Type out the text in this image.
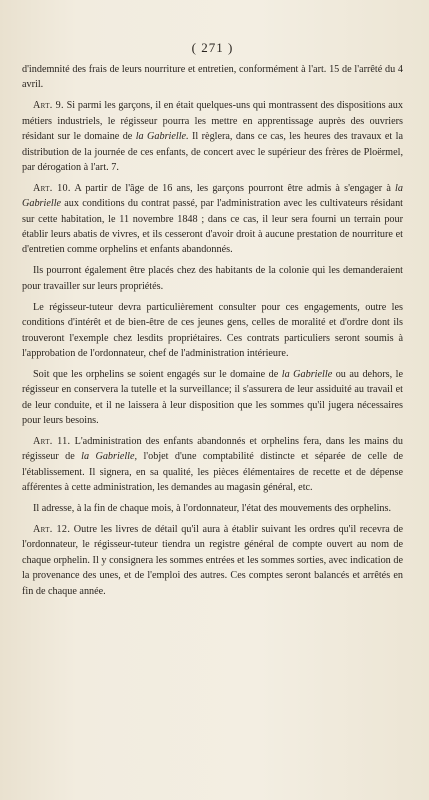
( 271 )

d'indemnité des frais de leurs nourriture et entretien, conformément à l'art. 15 de l'arrêté du 4 avril.

Art. 9. Si parmi les garçons, il en était quelques-uns qui montrassent des dispositions aux métiers industriels, le régisseur pourra les mettre en apprentissage auprès des ouvriers résidant sur le domaine de la Gabrielle. Il règlera, dans ce cas, les heures des travaux et la distribution de la journée de ces enfants, de concert avec le supérieur des frères de Ploërmel, par dérogation à l'art. 7.

Art. 10. A partir de l'âge de 16 ans, les garçons pourront être admis à s'engager à la Gabrielle aux conditions du contrat passé, par l'administration avec les cultivateurs résidant sur cette habitation, le 11 novembre 1848 ; dans ce cas, il leur sera fourni un terrain pour établir leurs abatis de vivres, et ils cesseront d'avoir droit à aucune prestation de nourriture et d'entretien comme orphelins et enfants abandonnés.

Ils pourront également être placés chez des habitants de la colonie qui les demanderaient pour travailler sur leurs propriétés.

Le régisseur-tuteur devra particulièrement consulter pour ces engagements, outre les conditions d'intérêt et de bien-être de ces jeunes gens, celles de moralité et d'ordre dont ils trouveront l'exemple chez lesdits propriétaires. Ces contrats particuliers seront soumis à l'approbation de l'ordonnateur, chef de l'administration intérieure.

Soit que les orphelins se soient engagés sur le domaine de la Gabrielle ou au dehors, le régisseur en conservera la tutelle et la surveillance; il s'assurera de leur assiduité au travail et de leur conduite, et il ne laissera à leur disposition que les sommes qu'il jugera nécessaires pour leurs besoins.

Art. 11. L'administration des enfants abandonnés et orphelins fera, dans les mains du régisseur de la Gabrielle, l'objet d'une comptabilité distincte et séparée de celle de l'établissement. Il signera, en sa qualité, les pièces élémentaires de recette et de dépense afférentes à cette administration, les demandes au magasin général, etc.

Il adresse, à la fin de chaque mois, à l'ordonnateur, l'état des mouvements des orphelins.

Art. 12. Outre les livres de détail qu'il aura à établir suivant les ordres qu'il recevra de l'ordonnateur, le régisseur-tuteur tiendra un registre général de compte ouvert au nom de chaque orphelin. Il y consignera les sommes entrées et les sommes sorties, avec indication de la provenance des unes, et de l'emploi des autres. Ces comptes seront balancés et arrêtés en fin de chaque année.
